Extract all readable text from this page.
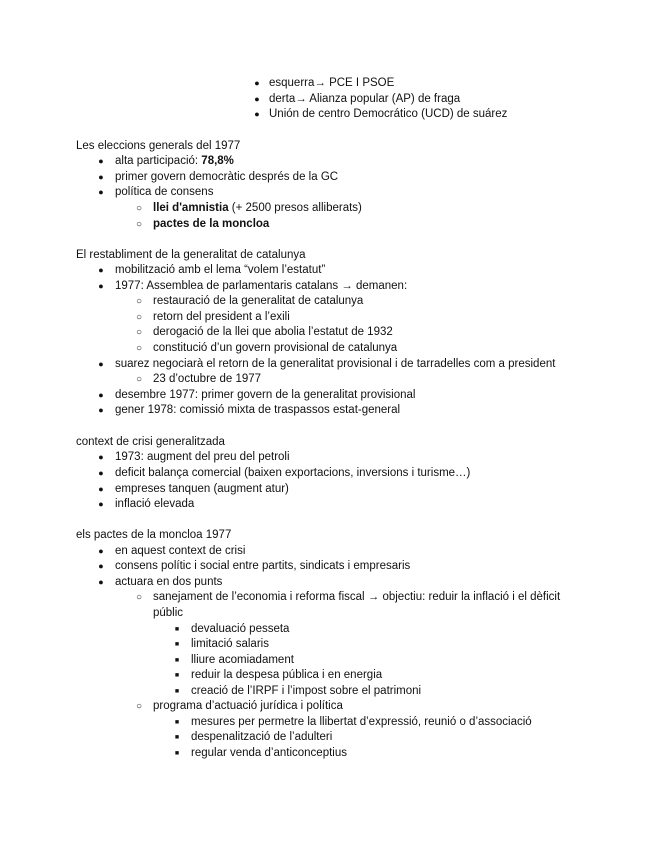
● esquerra→ PCE I PSOE
● derta→ Alianza popular (AP) de fraga
● Unión de centro Democrático (UCD) de suárez
Les eleccions generals del 1977
● alta participació: 78,8%
● primer govern democràtic després de la GC
● política de consens
○ llei d'amnistia (+ 2500 presos alliberats)
○ pactes de la moncloa
El restabliment de la generalitat de catalunya
● mobilització amb el lema “volem l’estatut”
● 1977: Assemblea de parlamentaris catalans → demanen:
○ restauració de la generalitat de catalunya
○ retorn del president a l’exili
○ derogació de la llei que abolia l’estatut de 1932
○ constitució d’un govern provisional de catalunya
● suarez negociarà el retorn de la generalitat provisional i de tarradelles com a president
○ 23 d’octubre de 1977
● desembre 1977: primer govern de la generalitat provisional
● gener 1978: comissió mixta de traspassos estat-general
context de crisi generalitzada
● 1973: augment del preu del petroli
● deficit balança comercial (baixen exportacions, inversions i turisme…)
● empreses tanquen (augment atur)
● inflació elevada
els pactes de la moncloa 1977
● en aquest context de crisi
● consens polític i social entre partits, sindicats i empresaris
● actuara en dos punts
○ sanejament de l’economia i reforma fiscal → objectiu: reduir la inflació i el dèficit
públic
■ devaluació pesseta
■ limitació salaris
■ lliure acomiadament
■ reduir la despesa pública i en energia
■ creació de l’IRPF i l’impost sobre el patrimoni
○ programa d’actuació jurídica i política
■ mesures per permetre la llibertat d’expressió, reunió o d’associació
■ despenalització de l’adulteri
■ regular venda d’anticonceptius
